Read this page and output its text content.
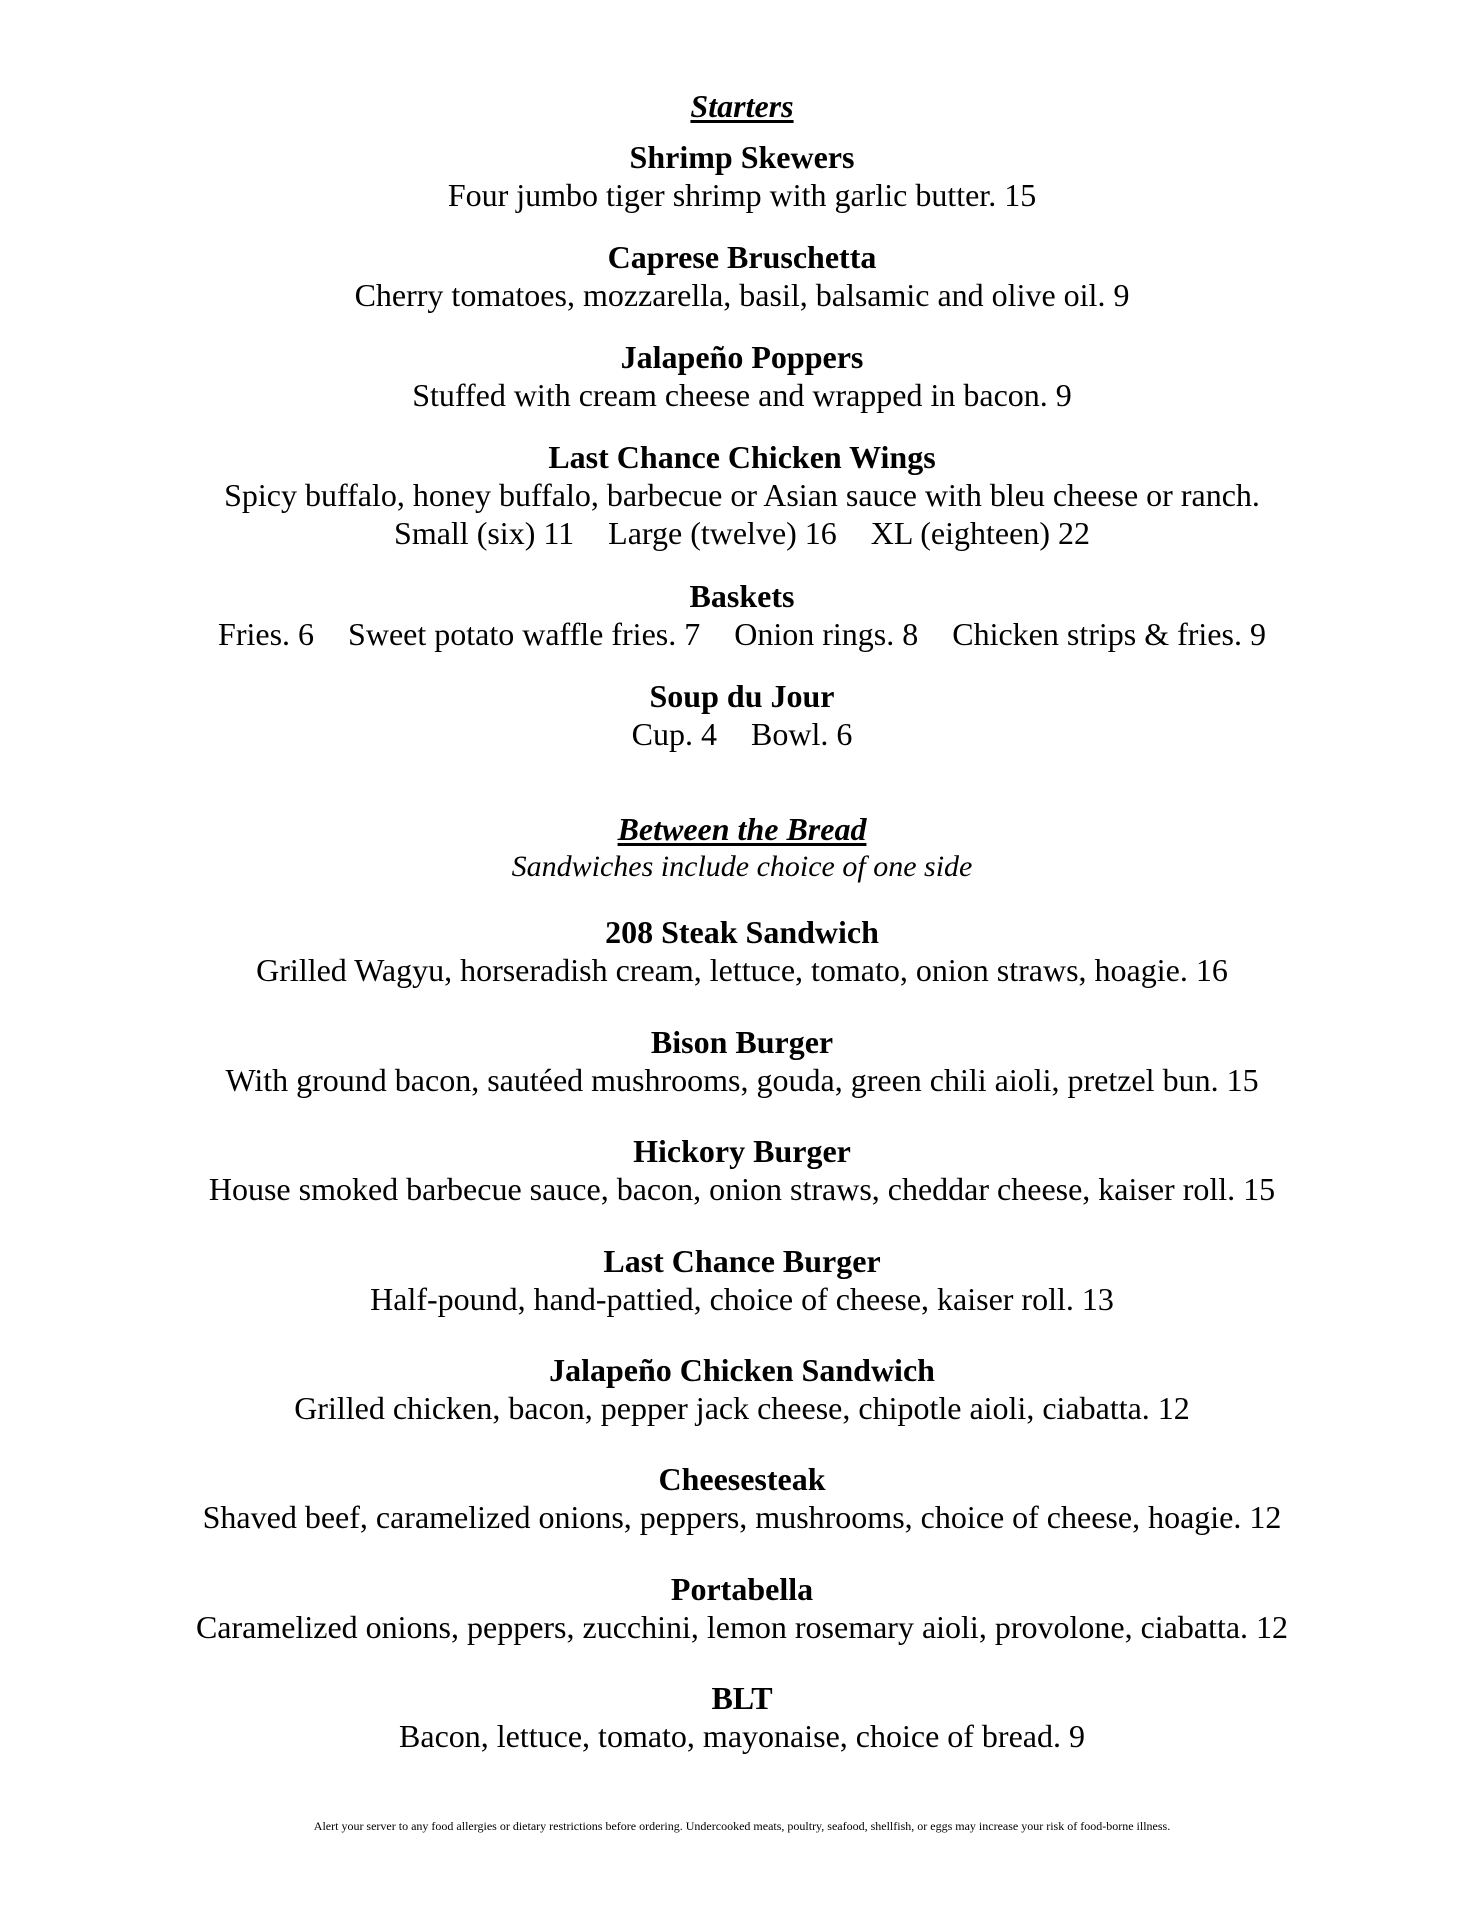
Starters
Shrimp Skewers
Four jumbo tiger shrimp with garlic butter. 15
Caprese Bruschetta
Cherry tomatoes, mozzarella, basil, balsamic and olive oil. 9
Jalapeño Poppers
Stuffed with cream cheese and wrapped in bacon. 9
Last Chance Chicken Wings
Spicy buffalo, honey buffalo, barbecue or Asian sauce with bleu cheese or ranch.
Small (six) 11 Large (twelve) 16 XL (eighteen) 22
Baskets
Fries. 6 Sweet potato waffle fries. 7 Onion rings. 8 Chicken strips & fries. 9
Soup du Jour
Cup. 4 Bowl. 6
Between the Bread
Sandwiches include choice of one side
208 Steak Sandwich
Grilled Wagyu, horseradish cream, lettuce, tomato, onion straws, hoagie. 16
Bison Burger
With ground bacon, sautéed mushrooms, gouda, green chili aioli, pretzel bun. 15
Hickory Burger
House smoked barbecue sauce, bacon, onion straws, cheddar cheese, kaiser roll. 15
Last Chance Burger
Half-pound, hand-pattied, choice of cheese, kaiser roll. 13
Jalapeño Chicken Sandwich
Grilled chicken, bacon, pepper jack cheese, chipotle aioli, ciabatta. 12
Cheesesteak
Shaved beef, caramelized onions, peppers, mushrooms, choice of cheese, hoagie. 12
Portabella
Caramelized onions, peppers, zucchini, lemon rosemary aioli, provolone, ciabatta. 12
BLT
Bacon, lettuce, tomato, mayonaise, choice of bread. 9
Alert your server to any food allergies or dietary restrictions before ordering. Undercooked meats, poultry, seafood, shellfish, or eggs may increase your risk of food-borne illness.
